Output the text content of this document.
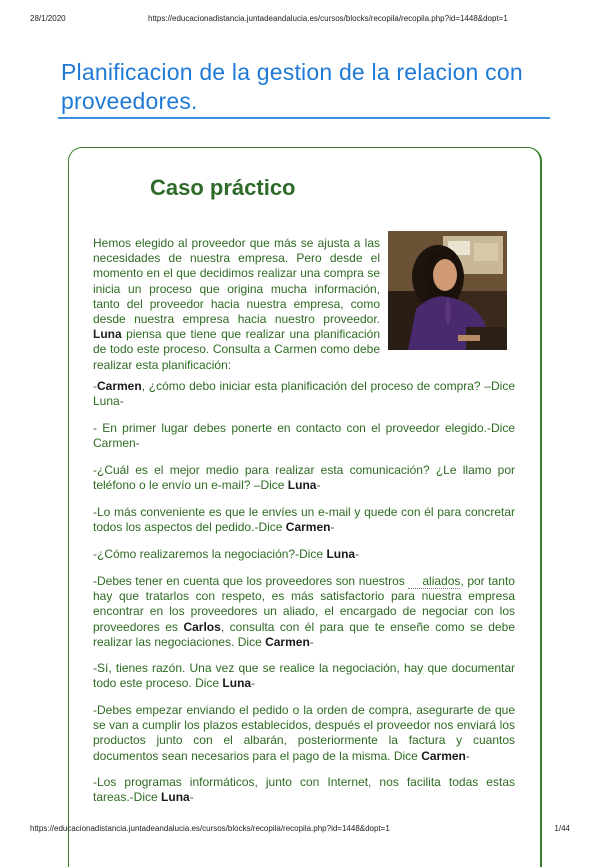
28/1/2020	https://educacionadistancia.juntadeandalucia.es/cursos/blocks/recopila/recopila.php?id=1448&dopt=1
Planificacion de la gestion de la relacion con proveedores.
Caso práctico
Hemos elegido al proveedor que más se ajusta a las necesidades de nuestra empresa. Pero desde el momento en el que decidimos realizar una compra se inicia un proceso que origina mucha información, tanto del proveedor hacia nuestra empresa, como desde nuestra empresa hacia nuestro proveedor. Luna piensa que tiene que realizar una planificación de todo este proceso. Consulta a Carmen como debe realizar esta planificación:
-Carmen, ¿cómo debo iniciar esta planificación del proceso de compra? –Dice Luna-
- En primer lugar debes ponerte en contacto con el proveedor elegido.-Dice Carmen-
-¿Cuál es el mejor medio para realizar esta comunicación? ¿Le llamo por teléfono o le envío un e-mail? –Dice Luna-
-Lo más conveniente es que le envíes un e-mail y quede con él para concretar todos los aspectos del pedido.-Dice Carmen-
-¿Cómo realizaremos la negociación?-Dice Luna-
-Debes tener en cuenta que los proveedores son nuestros aliados, por tanto hay que tratarlos con respeto, es más satisfactorio para nuestra empresa encontrar en los proveedores un aliado, el encargado de negociar con los proveedores es Carlos, consulta con él para que te enseñe como se debe realizar las negociaciones. Dice Carmen-
-Sí, tienes razón. Una vez que se realice la negociación, hay que documentar todo este proceso. Dice Luna-
-Debes empezar enviando el pedido o la orden de compra, asegurarte de que se van a cumplir los plazos establecidos, después el proveedor nos enviará los productos junto con el albarán, posteriormente la factura y cuantos documentos sean necesarios para el pago de la misma. Dice Carmen-
-Los programas informáticos, junto con Internet, nos facilita todas estas tareas.-Dice Luna-
https://educacionadistancia.juntadeandalucia.es/cursos/blocks/recopila/recopila.php?id=1448&dopt=1	1/44
